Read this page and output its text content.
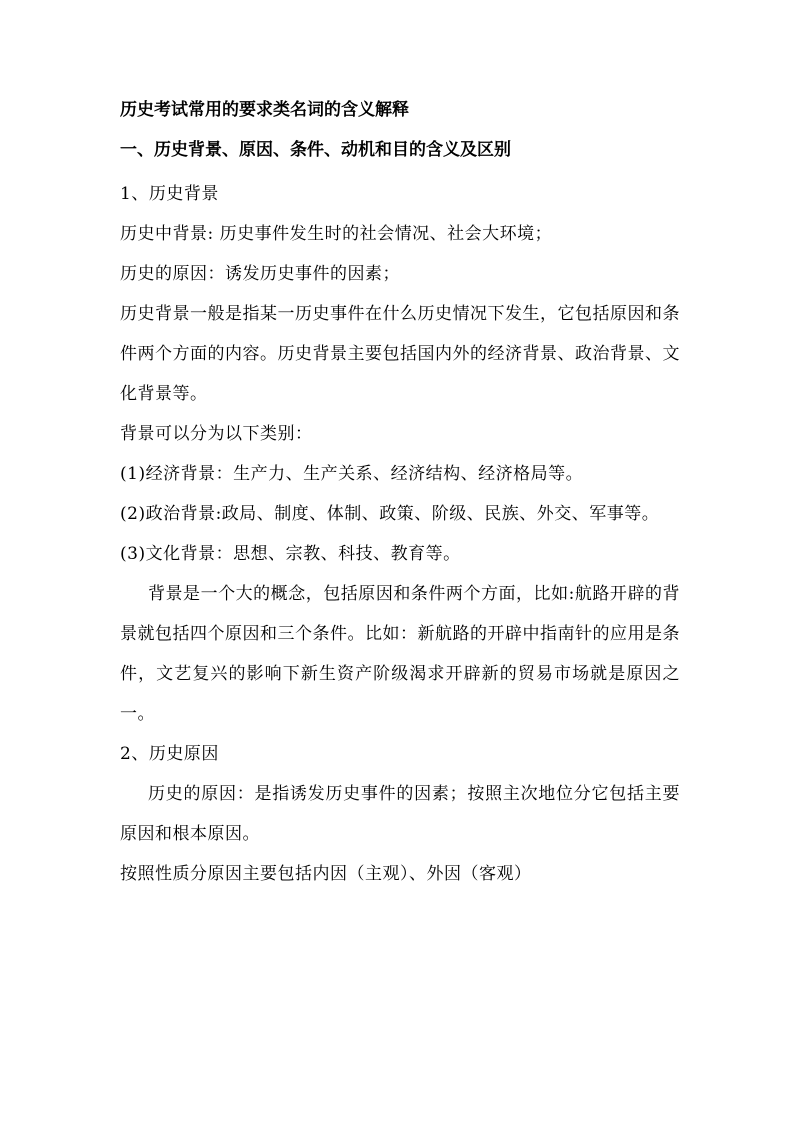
历史考试常用的要求类名词的含义解释
一、历史背景、原因、条件、动机和目的含义及区别

1、历史背景

历史中背景: 历史事件发生时的社会情况、社会大环境；

历史的原因：诱发历史事件的因素；

历史背景一般是指某一历史事件在什么历史情况下发生，它包括原因和条件两个方面的内容。历史背景主要包括国内外的经济背景、政治背景、文化背景等。

背景可以分为以下类别：

(1)经济背景：生产力、生产关系、经济结构、经济格局等。

(2)政治背景:政局、制度、体制、政策、阶级、民族、外交、军事等。

(3)文化背景：思想、宗教、科技、教育等。

背景是一个大的概念，包括原因和条件两个方面，比如:航路开辟的背景就包括四个原因和三个条件。比如：新航路的开辟中指南针的应用是条件，文艺复兴的影响下新生资产阶级渴求开辟新的贸易市场就是原因之一。

2、历史原因

历史的原因：是指诱发历史事件的因素；按照主次地位分它包括主要原因和根本原因。

按照性质分原因主要包括内因（主观）、外因（客观）
